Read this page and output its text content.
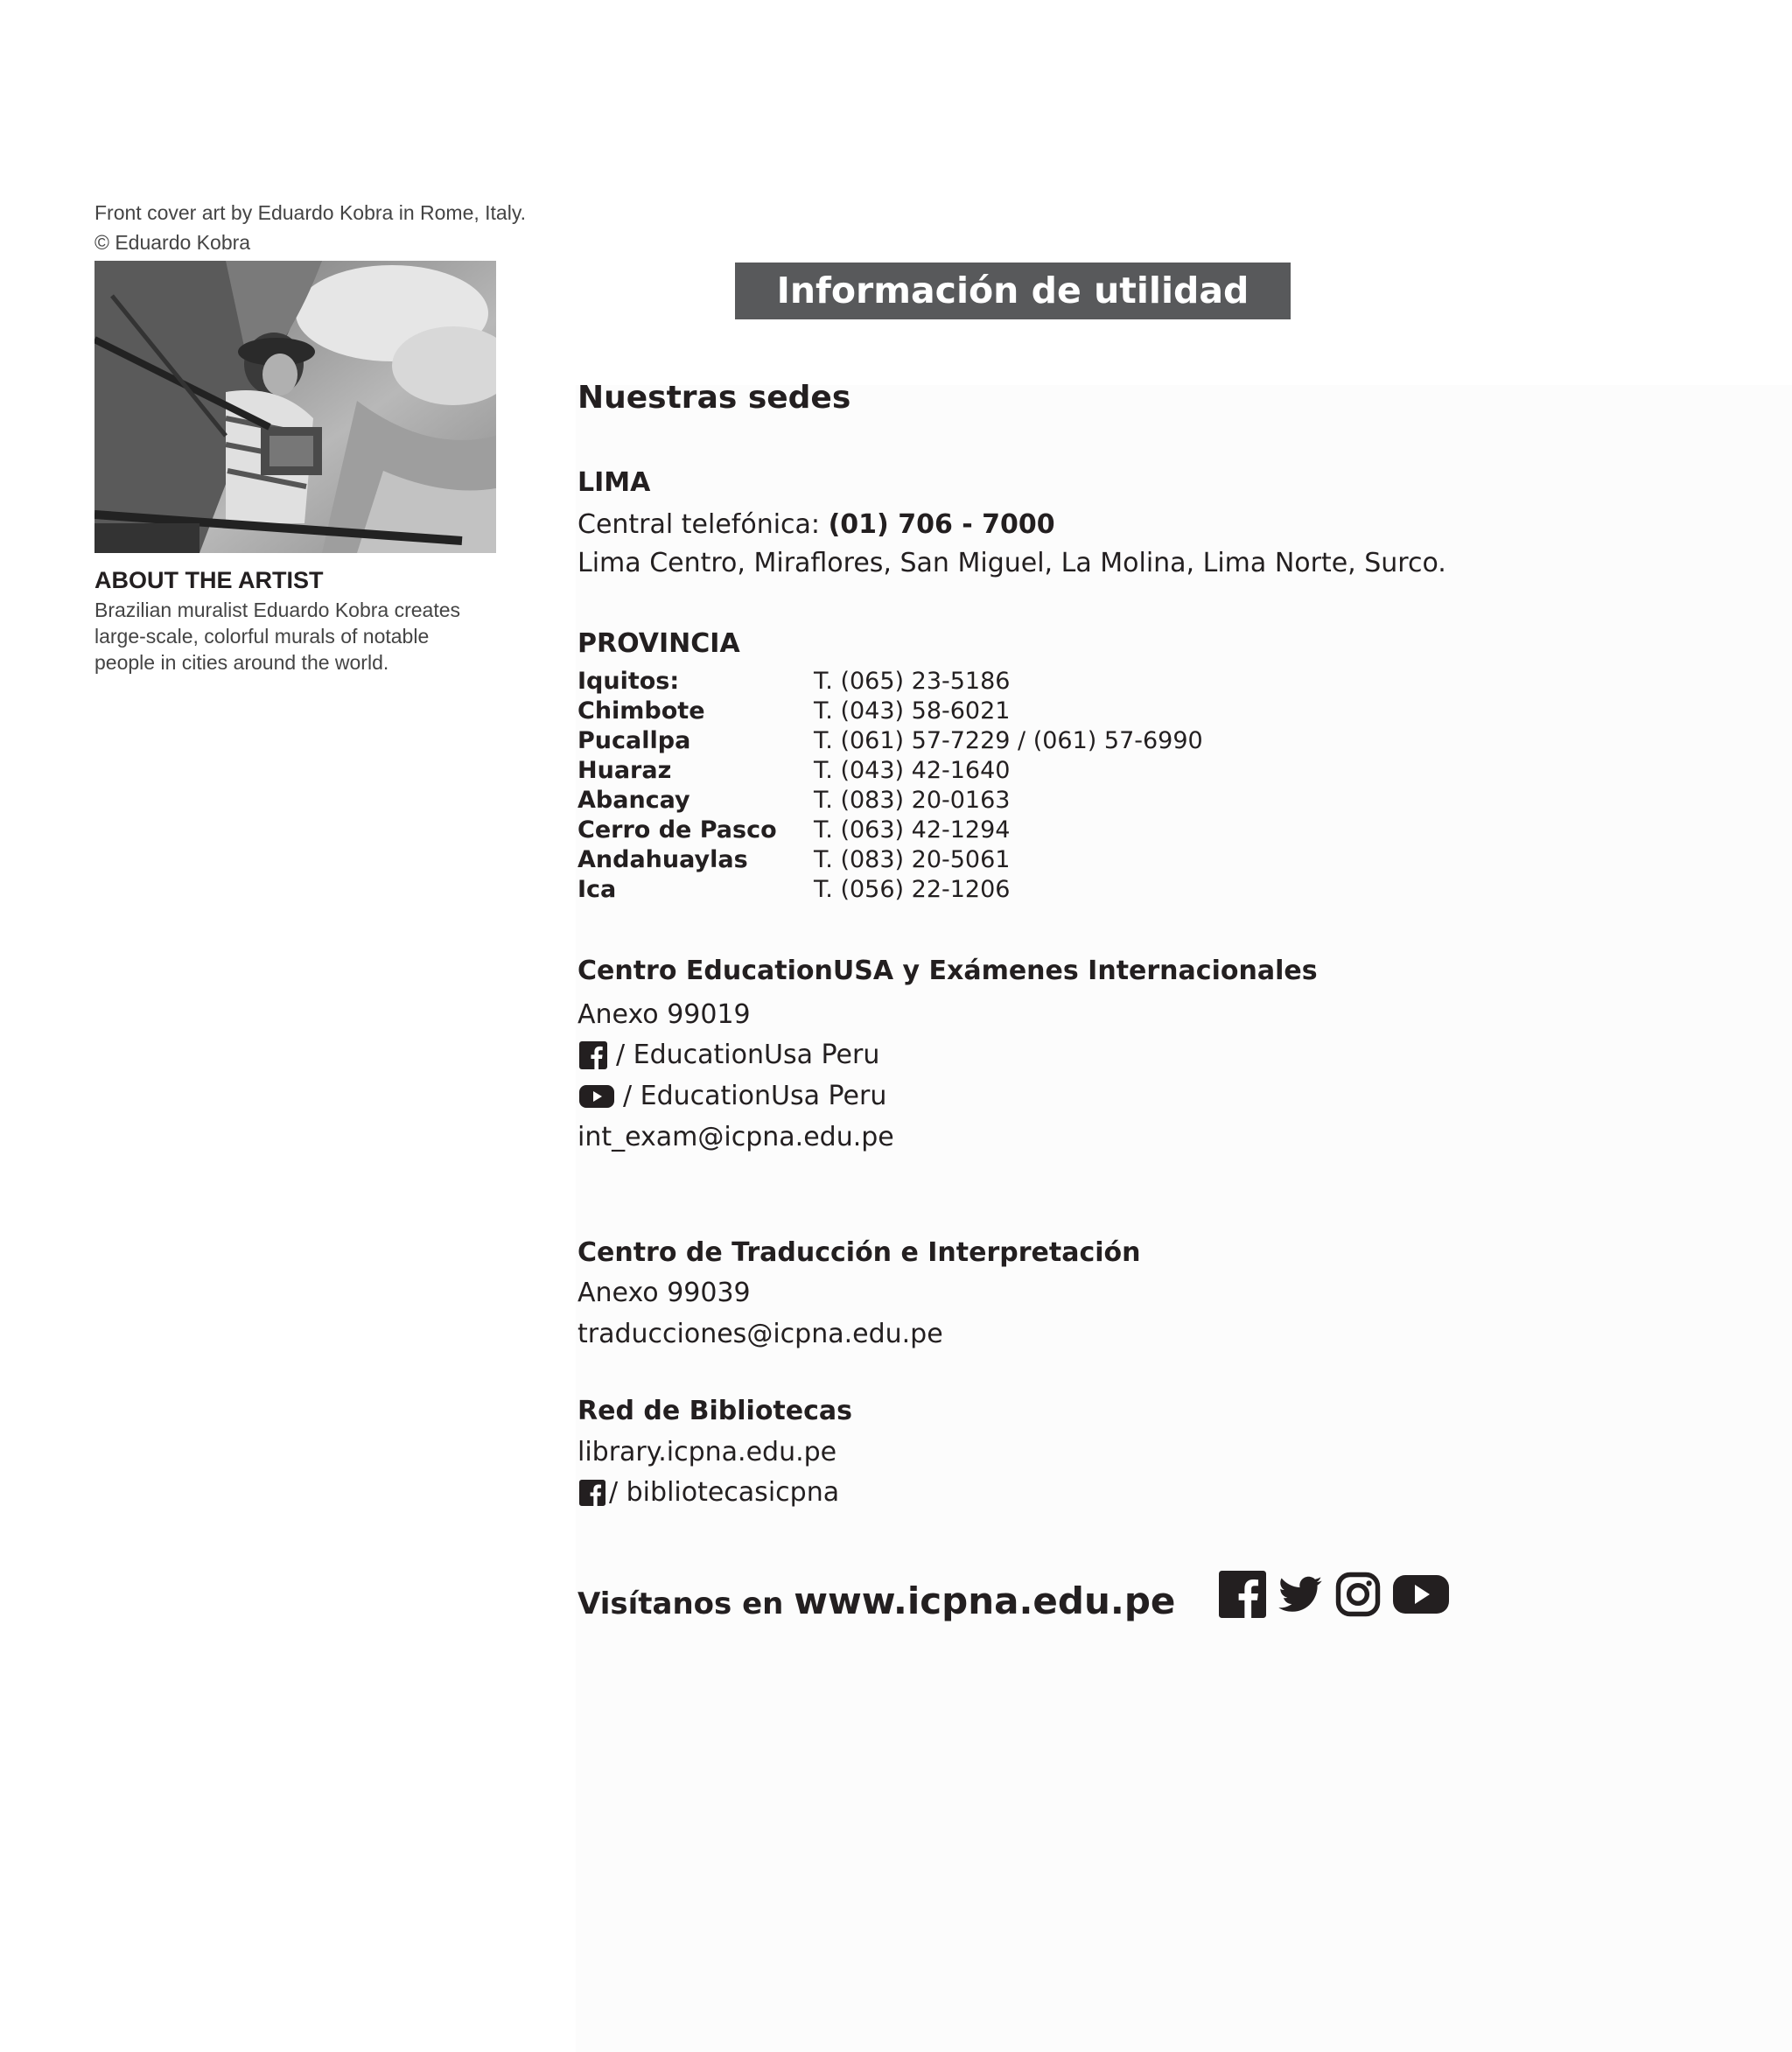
Front cover art by Eduardo Kobra in Rome, Italy.
© Eduardo Kobra
ABOUT THE ARTIST
Brazilian muralist Eduardo Kobra creates
large-scale, colorful murals of notable
people in cities around the world.
Información de utilidad
Nuestras sedes
LIMA
Central telefónica: (01) 706 - 7000
Lima Centro, Miraflores, San Miguel, La Molina, Lima Norte, Surco.
PROVINCIA
Iquitos:	T. (065) 23-5186
Chimbote	T. (043) 58-6021
Pucallpa	T. (061) 57-7229 / (061) 57-6990
Huaraz	T. (043) 42-1640
Abancay	T. (083) 20-0163
Cerro de Pasco T. (063) 42-1294
Andahuaylas	T. (083) 20-5061
Ica	T. (056) 22-1206
Centro EducationUSA y Exámenes Internacionales
Anexo 99019
/ EducationUsa Peru
/ EducationUsa Peru
int_exam@icpna.edu.pe
Centro de Traducción e Interpretación
Anexo 99039
traducciones@icpna.edu.pe
Red de Bibliotecas
library.icpna.edu.pe
/ bibliotecasicpna
Visítanos en www.icpna.edu.pe
